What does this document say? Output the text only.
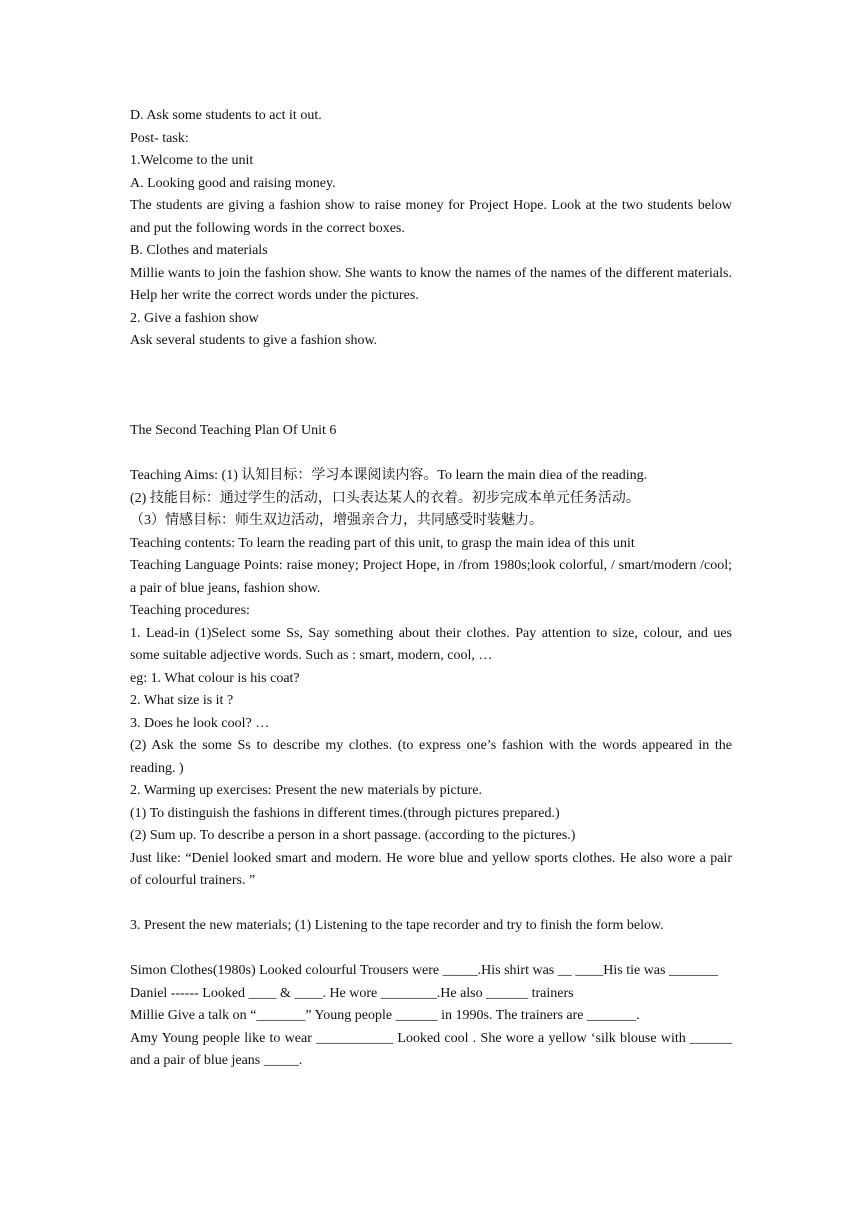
D. Ask some students to act it out.

Post- task:

1.Welcome to the unit

A. Looking good and raising money.

The students are giving a fashion show to raise money for Project Hope. Look at the two students below and put the following words in the correct boxes.

B. Clothes and materials

Millie wants to join the fashion show. She wants to know the names of the names of the different materials. Help her write the correct words under the pictures.

2. Give a fashion show

Ask several students to give a fashion show.

The Second Teaching Plan Of Unit 6

Teaching Aims: (1) 认知目标：学习本课阅读内容。To learn the main diea of the reading.

(2) 技能目标：通过学生的活动，口头表达某人的衣着。初步完成本单元任务活动。

（3）情感目标：师生双边活动，增强亲合力，共同感受时装魅力。

Teaching contents: To learn the reading part of this unit, to grasp the main idea of this unit

Teaching Language Points: raise money; Project Hope, in /from 1980s;look colorful, / smart/modern /cool; a pair of blue jeans, fashion show.

Teaching procedures:

1. Lead-in (1)Select some Ss, Say something about their clothes. Pay attention to size, colour, and ues some suitable adjective words. Such as : smart, modern, cool, …

eg: 1. What colour is his coat?

2. What size is it ?

3. Does he look cool? …

(2) Ask the some Ss to describe my clothes. (to express one’s fashion with the words appeared in the reading. )

2. Warming up exercises: Present the new materials by picture.

(1) To distinguish the fashions in different times.(through pictures prepared.)

(2) Sum up. To describe a person in a short passage. (according to the pictures.)

Just like: “Deniel looked smart and modern. He wore blue and yellow sports clothes. He also wore a pair of colourful trainers. ”

3. Present the new materials; (1) Listening to the tape recorder and try to finish the form below.

Simon Clothes(1980s) Looked colourful Trousers were _____.His shirt was __ ____His tie was _______

Daniel ------ Looked ____ & ____. He wore ________.He also ______ trainers

Millie Give a talk on “_______” Young people ______ in 1990s. The trainers are _______.

Amy Young people like to wear ___________ Looked cool . She wore a yellow ‘silk blouse with ______ and a pair of blue jeans _____.
